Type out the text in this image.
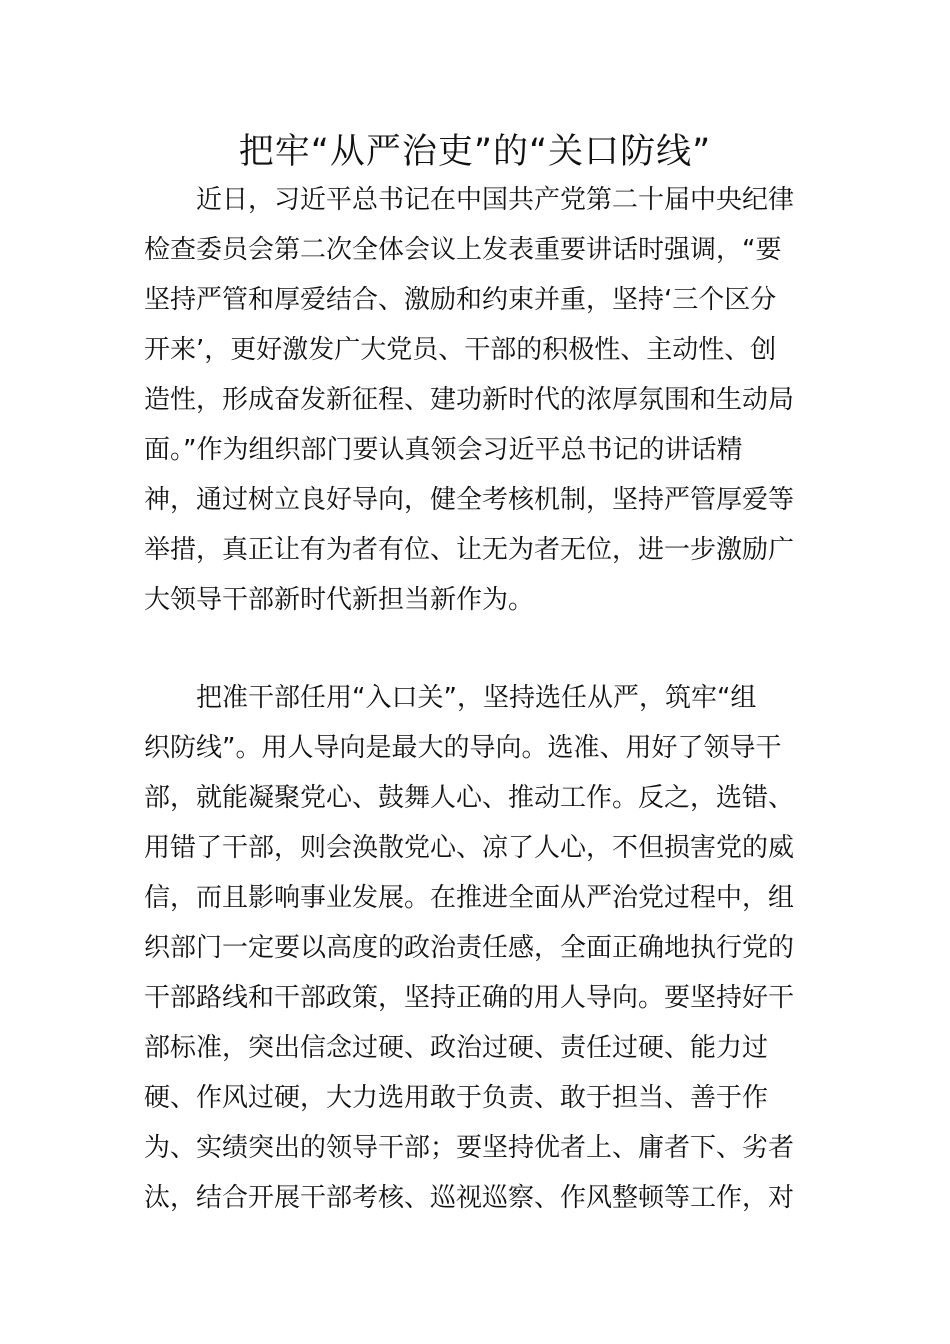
把牢“从严治吏”的“关口防线”
近日，习近平总书记在中国共产党第二十届中央纪律
检查委员会第二次全体会议上发表重要讲话时强调，“要
坚持严管和厚爱结合、激励和约束并重，坚持‘三个区分
开来’，更好激发广大党员、干部的积极性、主动性、创
造性，形成奋发新征程、建功新时代的浓厚氛围和生动局
面。”作为组织部门要认真领会习近平总书记的讲话精
神，通过树立良好导向，健全考核机制，坚持严管厚爱等
举措，真正让有为者有位、让无为者无位，进一步激励广
大领导干部新时代新担当新作为。
把准干部任用“入口关”，坚持选任从严，筑牢“组
织防线”。用人导向是最大的导向。选准、用好了领导干
部，就能凝聚党心、鼓舞人心、推动工作。反之，选错、
用错了干部，则会涣散党心、凉了人心，不但损害党的威
信，而且影响事业发展。在推进全面从严治党过程中，组
织部门一定要以高度的政治责任感，全面正确地执行党的
干部路线和干部政策，坚持正确的用人导向。要坚持好干
部标准，突出信念过硬、政治过硬、责任过硬、能力过
硬、作风过硬，大力选用敢于负责、敢于担当、善于作
为、实绩突出的领导干部；要坚持优者上、庸者下、劣者
汰，结合开展干部考核、巡视巡察、作风整顿等工作，对
